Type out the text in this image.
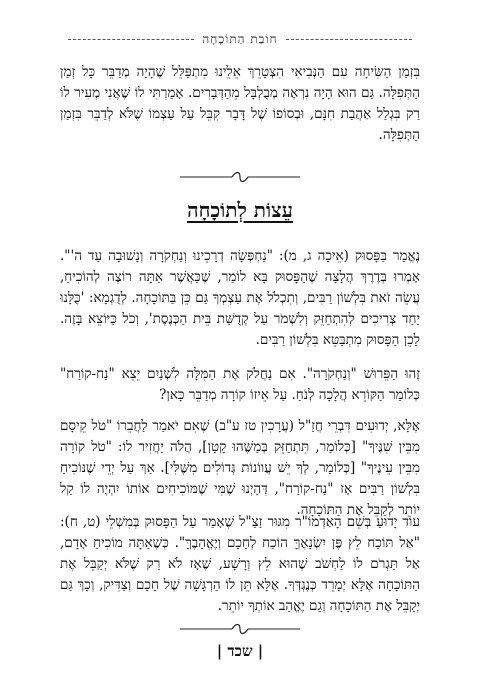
חוֹבַת הַתּוֹכָחָה
בִּזְמַן הַשִּׂיחָה עִם הַנְּבִיאִי הִצְטָרֵךְ אֵלֵינוּ מִתְפַּלֵּל שֶׁהָיָה מְדַבֵּר כָּל זְמַן הַתְּפִלָּה. גַּם הוּא הָיָה נִרְאֶה מְבֻלְבָּל מֵהַדְּבָרִים. אָמַרְתִּי לוֹ שֶׁאֲנִי מְעִיר לוֹ רַק בִּגְלַל אַהֲבַת חִנָּם, וּבְסוֹפוֹ שֶׁל דָּבָר קִבֵּל עַל עַצְמוֹ שֶׁלֹּא לְדַבֵּר בִּזְמַן הַתְּפִלָּה.
עֵצוֹת לְתוֹכָחָה
נֶאֱמַר בַּפָּסוּק (אֵיכָה ג, מ): "נַחְפְּשָׂה דְרָכֵינוּ וְנַחְקֹרָה וְנָשׁוּבָה עַד ה'". אָמְרוּ בְּדֶרֶךְ הֲלָצָה שֶׁהַפָּסוּק בָּא לוֹמַר, שֶׁכַּאֲשֶׁר אַתָּה רוֹצֶה לְהוֹכִיחַ, עֲשֵׂה זֹאת בִּלְשׁוֹן רַבִּים, וְתִכְלֹל אֶת עַצְמְךָ גַּם כֵּן בַּתּוֹכָחָה. לְדֻגְמָא: 'כֻּלָּנוּ יַחַד צְרִיכִים לְהִתְחַזֵּק וְלִשְׁמֹר עַל קְדֻשַּׁת בֵּית הַכְּנֶסֶת', וְכֹל כַּיּוֹצֵא בָּזֶה. לָכֵן הַפָּסוּק מִתְבַּטֵּא בִּלְשׁוֹן רַבִּים.
זֶהוּ הַפֵּרוּשׁ "וְנַחְקֹרָה". אִם נַחֲלֹק אֶת הַמִּלָּה לִשְׁנַיִם יֵצֵא "נַח-קוֹרַח" כְּלוֹמַר הַקּוֹרֵא הֲלָכָה לְנֹחַ. עַל אֵיזוֹ קוֹרָה מְדַבֵּר כָּאן?
אֶלָּא, יְדוּעִים דִּבְרֵי חֲזַ"ל (עֲרָכִין טז ע"ב) שֶׁאִם יֹאמַר לַחֲבֵרוֹ "טֹל קֵיסָם מִבֵּין שִׁנֶּיךָ" [כְּלוֹמַר, תִּתְחַזֵּק בְּמַשֶּׁהוּ קָטָן], הֲלֹה יַחֲזִיר לוֹ: "טֹל קוֹרָה מִבֵּין עֵינֶיךָ" [כְּלוֹמַר, לְךָ יֵשׁ עֲווֹנוֹת גְּדוֹלִים מִשֶּׁלִּי]. אַךְ עַל יְדֵי שֶׁנּוֹכִיחַ בִּלְשׁוֹן רַבִּים אָז "נַח-קוֹרַח", דְּהַיְנוּ שֶׁמִּי שֶׁמּוֹכִיחִים אוֹתוֹ יִהְיֶה לוֹ קַל יוֹתֵר לְקַבֵּל אֶת הַתּוֹכָחָה.
עוֹד יָדוּעַ בְּשֵׁם הָאַדְמוֹ"ר מִגּוּר זַצַ"ל שֶׁאָמַר עַל הַפָּסוּק בְּמִשְׁלֵי (ט, ח): "אַל תּוֹכַח לֵץ פֶּן יִשְׂנָאֶךָּ הוֹכַח לְחָכָם וְיֶאֱהָבֶךָּ". כְּשֶׁאַתָּה מוֹכִיחַ אָדָם, אַל תַּגְרֹם לוֹ לַחְשֹׁב שֶׁהוּא לֵץ וְרָשָׁע, שֶׁאָז לֹא רַק שֶׁלֹּא יְקַבֵּל אֶת הַתּוֹכָחָה אֶלָּא יְמָרֵד כְּנֶגְדְּךָ. אֶלָּא תֵּן לוֹ הַרְגָּשָׁה שֶׁל חָכָם וְצַדִּיק, וְכָךְ גַּם יְקַבֵּל אֶת הַתּוֹכָחָה וְגַם יֶאֱהַב אוֹתְךָ יוֹתֵר.
| שכד |
